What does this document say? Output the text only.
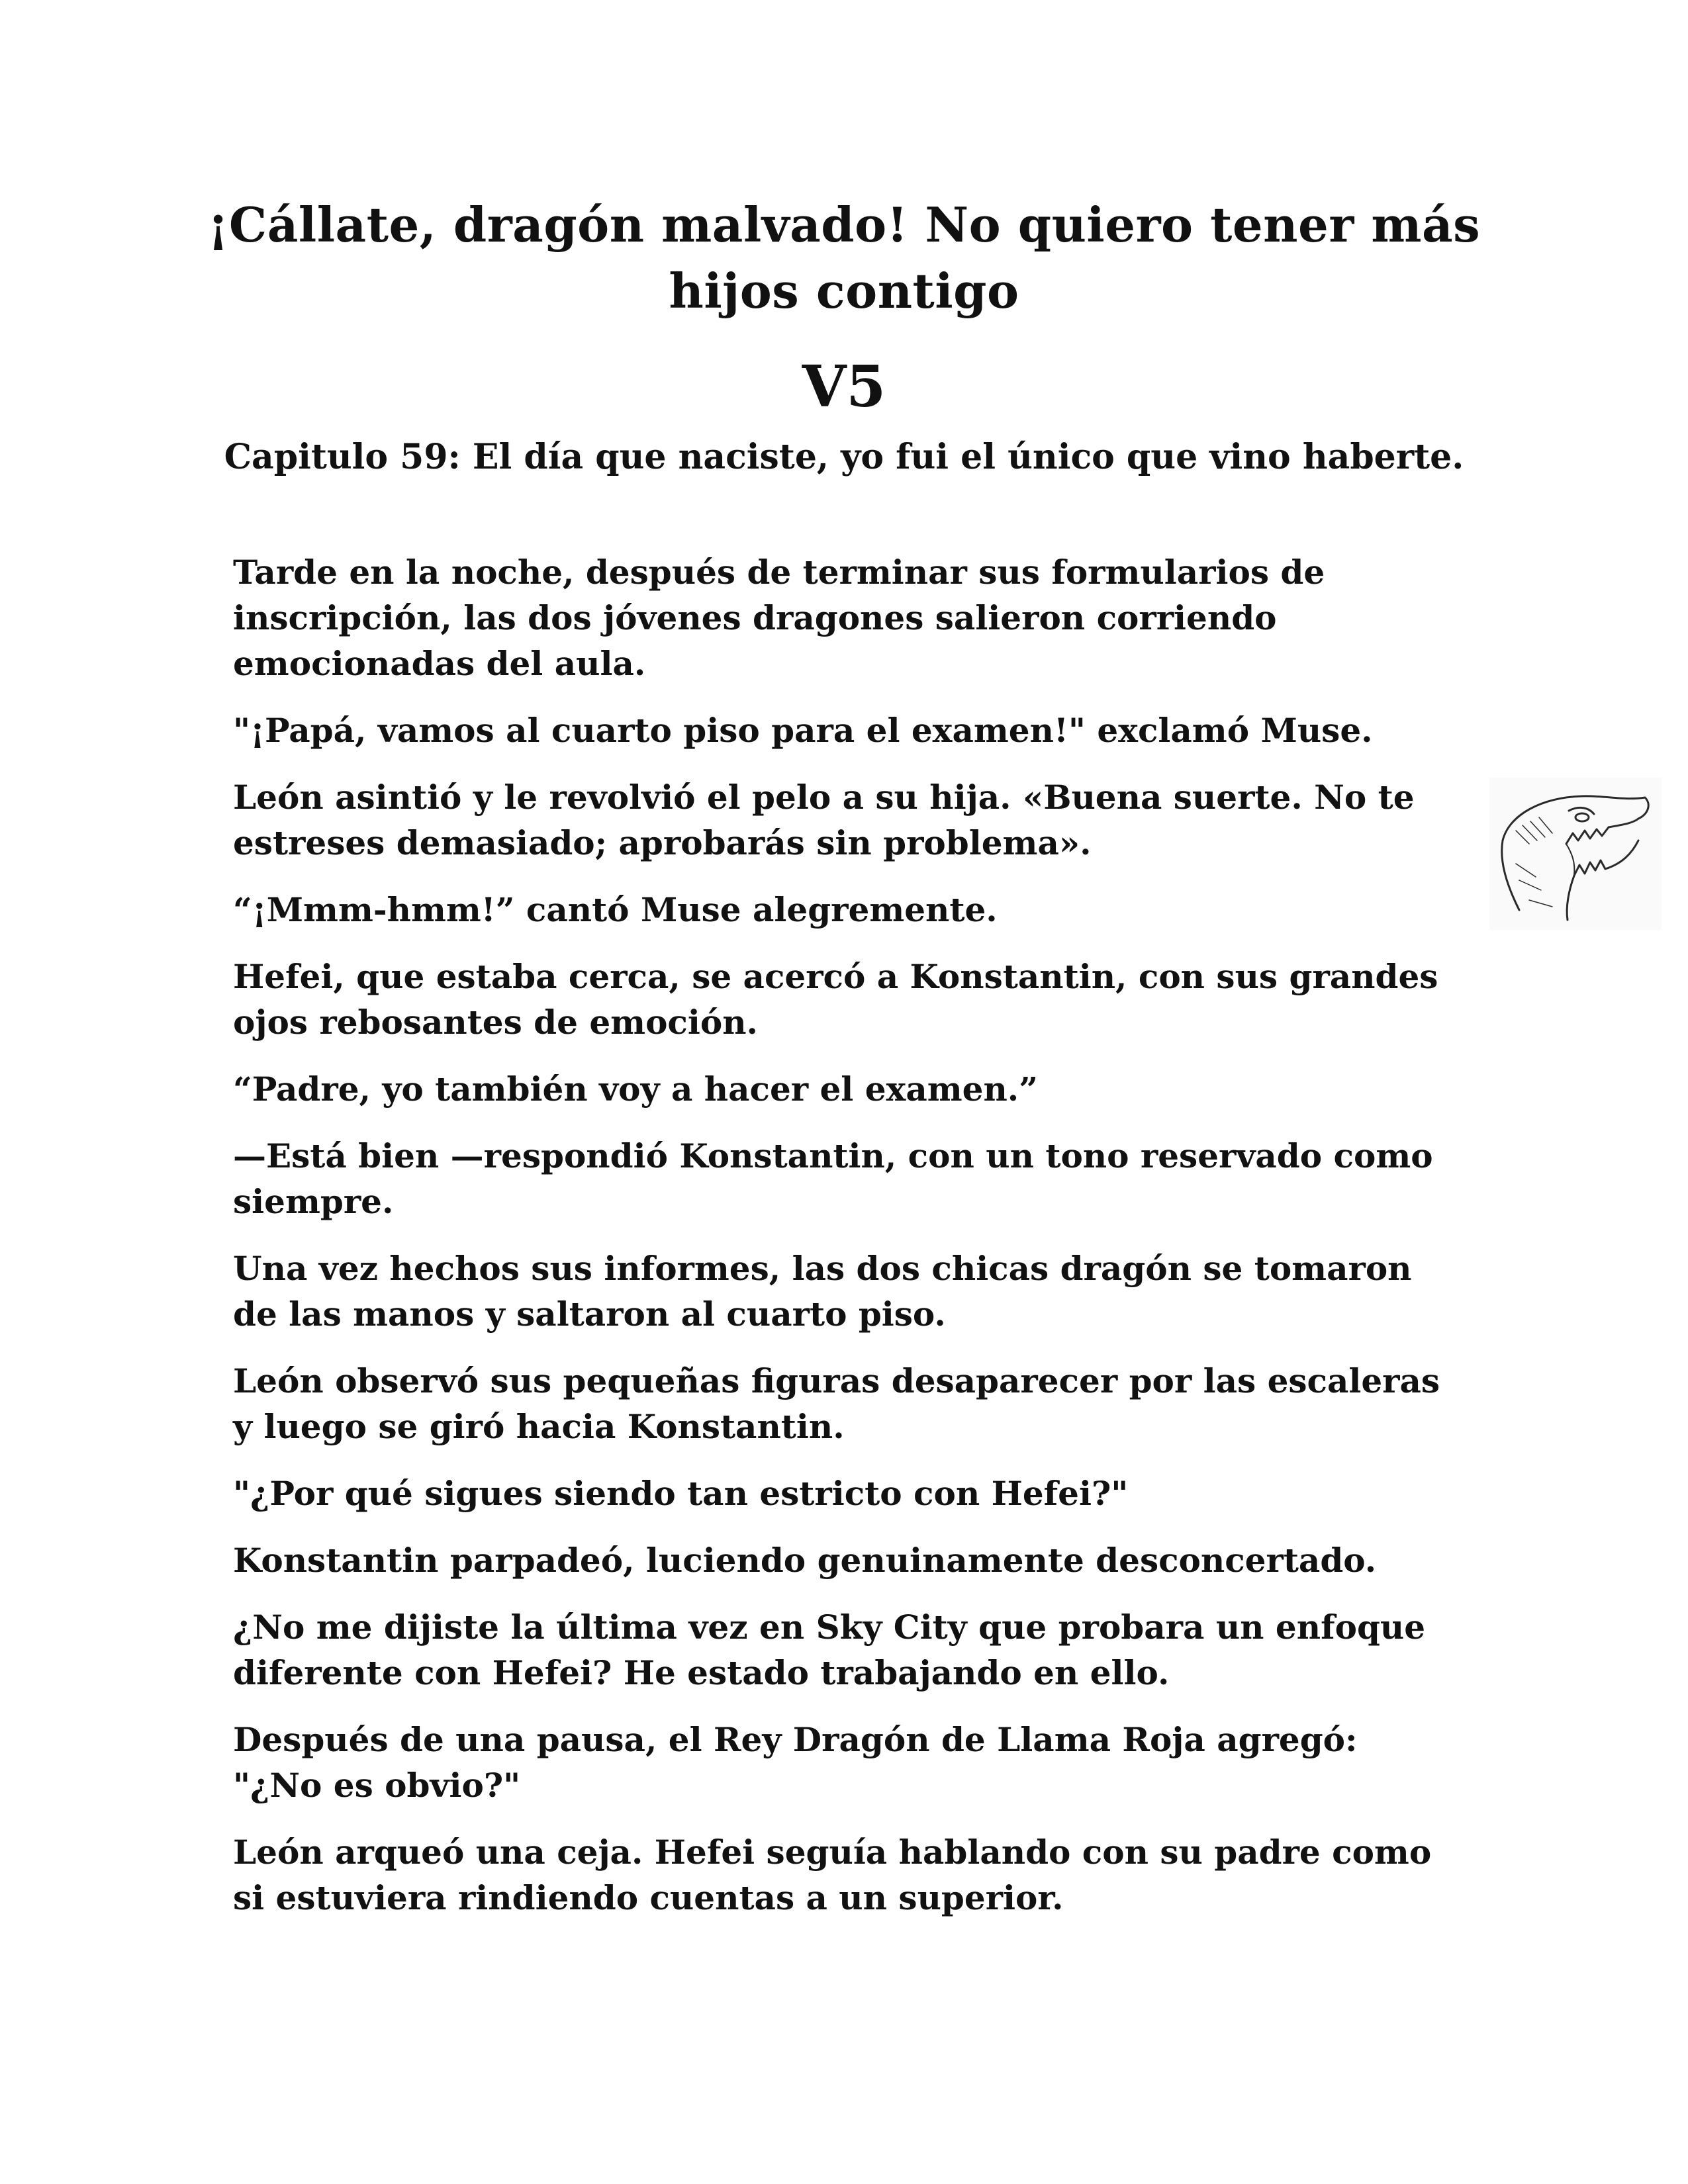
¡Cállate, dragón malvado! No quiero tener más hijos contigo
V5
Capitulo 59: El día que naciste, yo fui el único que vino haberte.

Tarde en la noche, después de terminar sus formularios de inscripción, las dos jóvenes dragones salieron corriendo emocionadas del aula.

"¡Papá, vamos al cuarto piso para el examen!" exclamó Muse.

León asintió y le revolvió el pelo a su hija. «Buena suerte. No te estreses demasiado; aprobarás sin problema».

“¡Mmm-hmm!” cantó Muse alegremente.

Hefei, que estaba cerca, se acercó a Konstantin, con sus grandes ojos rebosantes de emoción.

“Padre, yo también voy a hacer el examen.”

—Está bien —respondió Konstantin, con un tono reservado como siempre.

Una vez hechos sus informes, las dos chicas dragón se tomaron de las manos y saltaron al cuarto piso.

León observó sus pequeñas figuras desaparecer por las escaleras y luego se giró hacia Konstantin.

"¿Por qué sigues siendo tan estricto con Hefei?"

Konstantin parpadeó, luciendo genuinamente desconcertado.

¿No me dijiste la última vez en Sky City que probara un enfoque diferente con Hefei? He estado trabajando en ello.

Después de una pausa, el Rey Dragón de Llama Roja agregó: "¿No es obvio?"

León arqueó una ceja. Hefei seguía hablando con su padre como si estuviera rindiendo cuentas a un superior.
